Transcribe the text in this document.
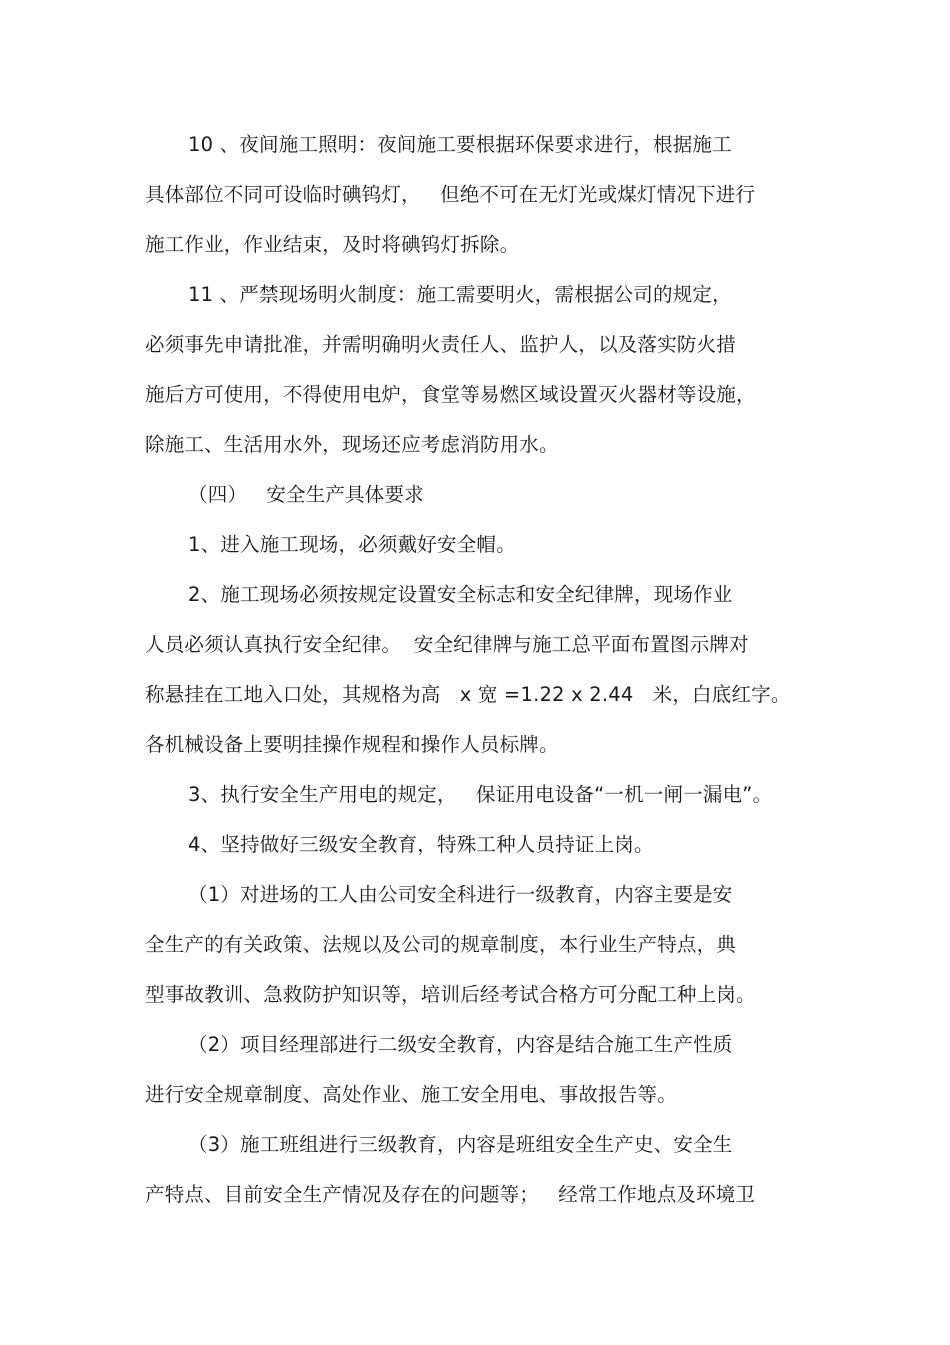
10 、夜间施工照明：夜间施工要根据环保要求进行，根据施工

具体部位不同可设临时碘钨灯，   但绝不可在无灯光或煤灯情况下进行

施工作业，作业结束，及时将碘钨灯拆除。

11 、严禁现场明火制度：施工需要明火，需根据公司的规定，

必须事先申请批准，并需明确明火责任人、监护人，以及落实防火措

施后方可使用，不得使用电炉，食堂等易燃区域设置灭火器材等设施，

除施工、生活用水外，现场还应考虑消防用水。

（四）   安全生产具体要求

1、进入施工现场，必须戴好安全帽。

2、施工现场必须按规定设置安全标志和安全纪律牌，现场作业

人员必须认真执行安全纪律。  安全纪律牌与施工总平面布置图示牌对

称悬挂在工地入口处，其规格为高   x 宽 =1.22 x 2.44   米，白底红字。

各机械设备上要明挂操作规程和操作人员标牌。

3、执行安全生产用电的规定，   保证用电设备“一机一闸一漏电”。

4、坚持做好三级安全教育，特殊工种人员持证上岗。

（1）对进场的工人由公司安全科进行一级教育，内容主要是安

全生产的有关政策、法规以及公司的规章制度，本行业生产特点，典

型事故教训、急救防护知识等，培训后经考试合格方可分配工种上岗。

（2）项目经理部进行二级安全教育，内容是结合施工生产性质

进行安全规章制度、高处作业、施工安全用电、事故报告等。

（3）施工班组进行三级教育，内容是班组安全生产史、安全生

产特点、目前安全生产情况及存在的问题等；   经常工作地点及环境卫
